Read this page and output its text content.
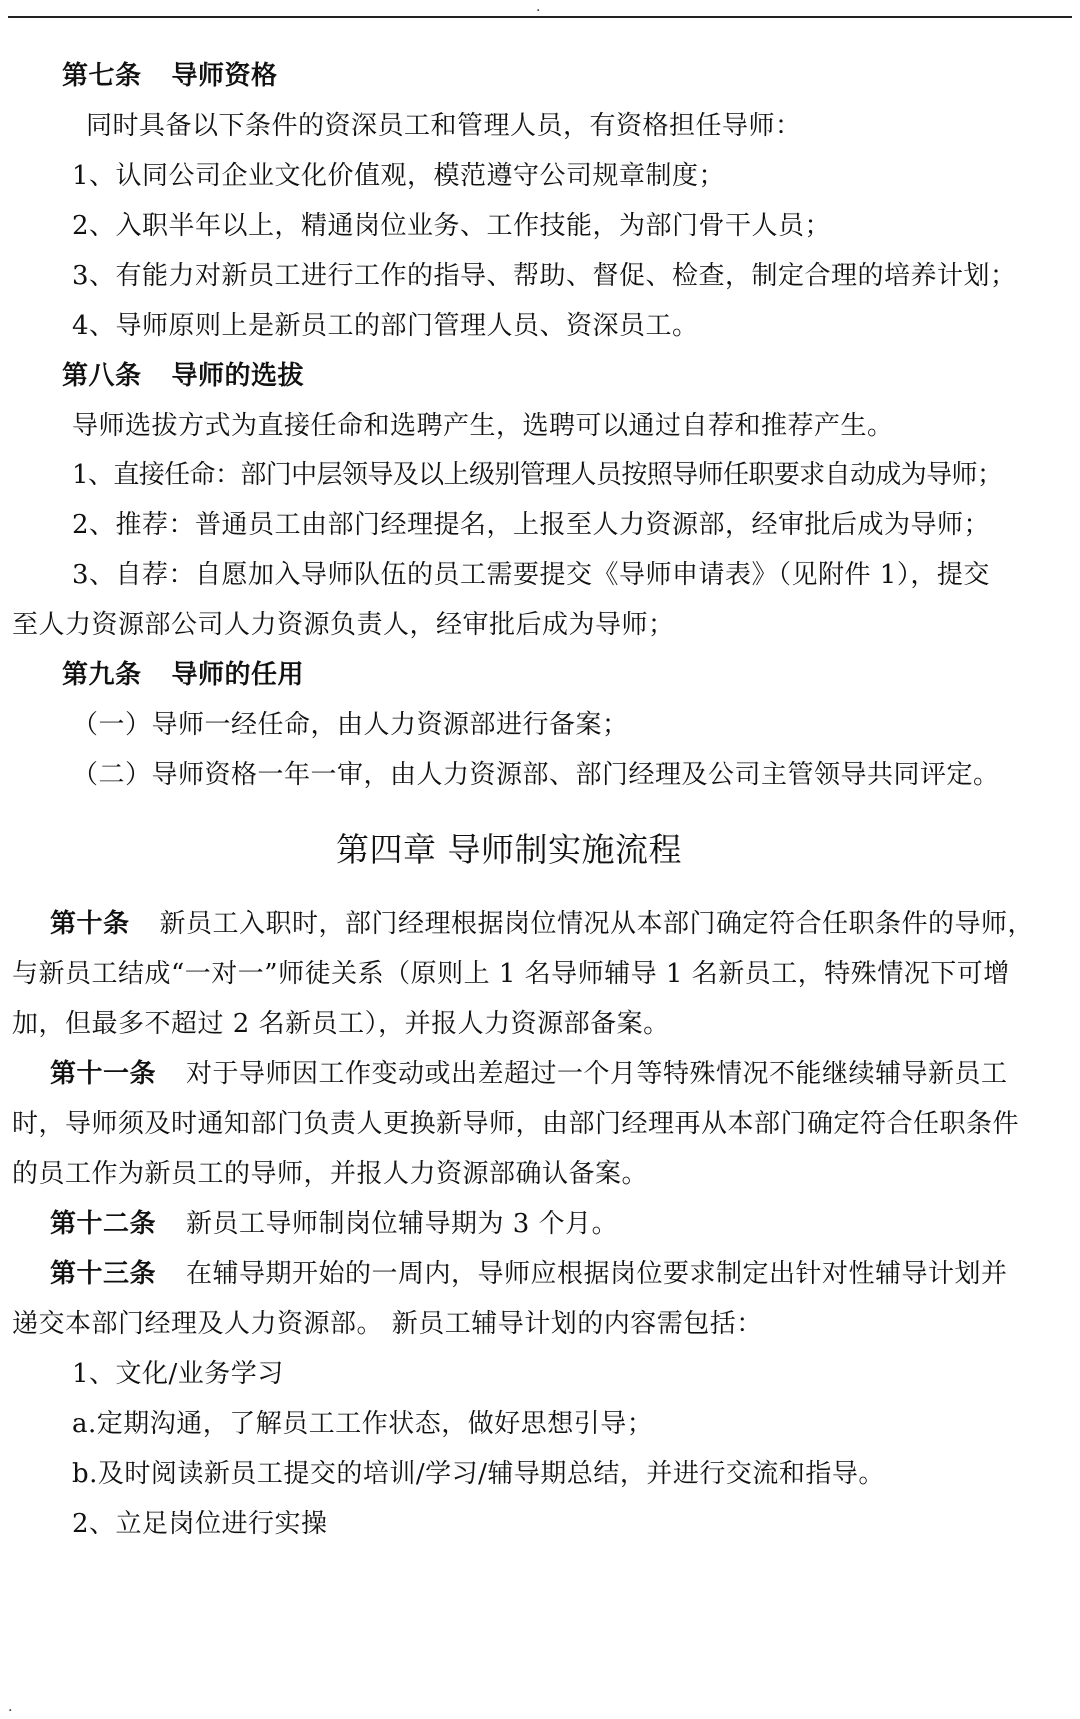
.
第七条 导师资格
同时具备以下条件的资深员工和管理人员，有资格担任导师：
1、认同公司企业文化价值观，模范遵守公司规章制度；
2、入职半年以上，精通岗位业务、工作技能，为部门骨干人员；
3、有能力对新员工进行工作的指导、帮助、督促、检查，制定合理的培养计划；
4、导师原则上是新员工的部门管理人员、资深员工。
第八条 导师的选拔
导师选拔方式为直接任命和选聘产生，选聘可以通过自荐和推荐产生。
1、直接任命：部门中层领导及以上级别管理人员按照导师任职要求自动成为导师；
2、推荐：普通员工由部门经理提名，上报至人力资源部，经审批后成为导师；
3、自荐：自愿加入导师队伍的员工需要提交《导师申请表》（见附件 1），提交
至人力资源部公司人力资源负责人，经审批后成为导师；
第九条 导师的任用
（一）导师一经任命，由人力资源部进行备案；
（二）导师资格一年一审，由人力资源部、部门经理及公司主管领导共同评定。
第四章 导师制实施流程
第十条 新员工入职时，部门经理根据岗位情况从本部门确定符合任职条件的导师，
与新员工结成“一对一”师徒关系（原则上 1 名导师辅导 1 名新员工，特殊情况下可增
加，但最多不超过 2 名新员工），并报人力资源部备案。
第十一条 对于导师因工作变动或出差超过一个月等特殊情况不能继续辅导新员工
时，导师须及时通知部门负责人更换新导师，由部门经理再从本部门确定符合任职条件
的员工作为新员工的导师，并报人力资源部确认备案。
第十二条 新员工导师制岗位辅导期为 3 个月。
第十三条 在辅导期开始的一周内，导师应根据岗位要求制定出针对性辅导计划并
递交本部门经理及人力资源部。 新员工辅导计划的内容需包括：
1、文化/业务学习
a.定期沟通，了解员工工作状态，做好思想引导；
b.及时阅读新员工提交的培训/学习/辅导期总结，并进行交流和指导。
2、立足岗位进行实操
.
